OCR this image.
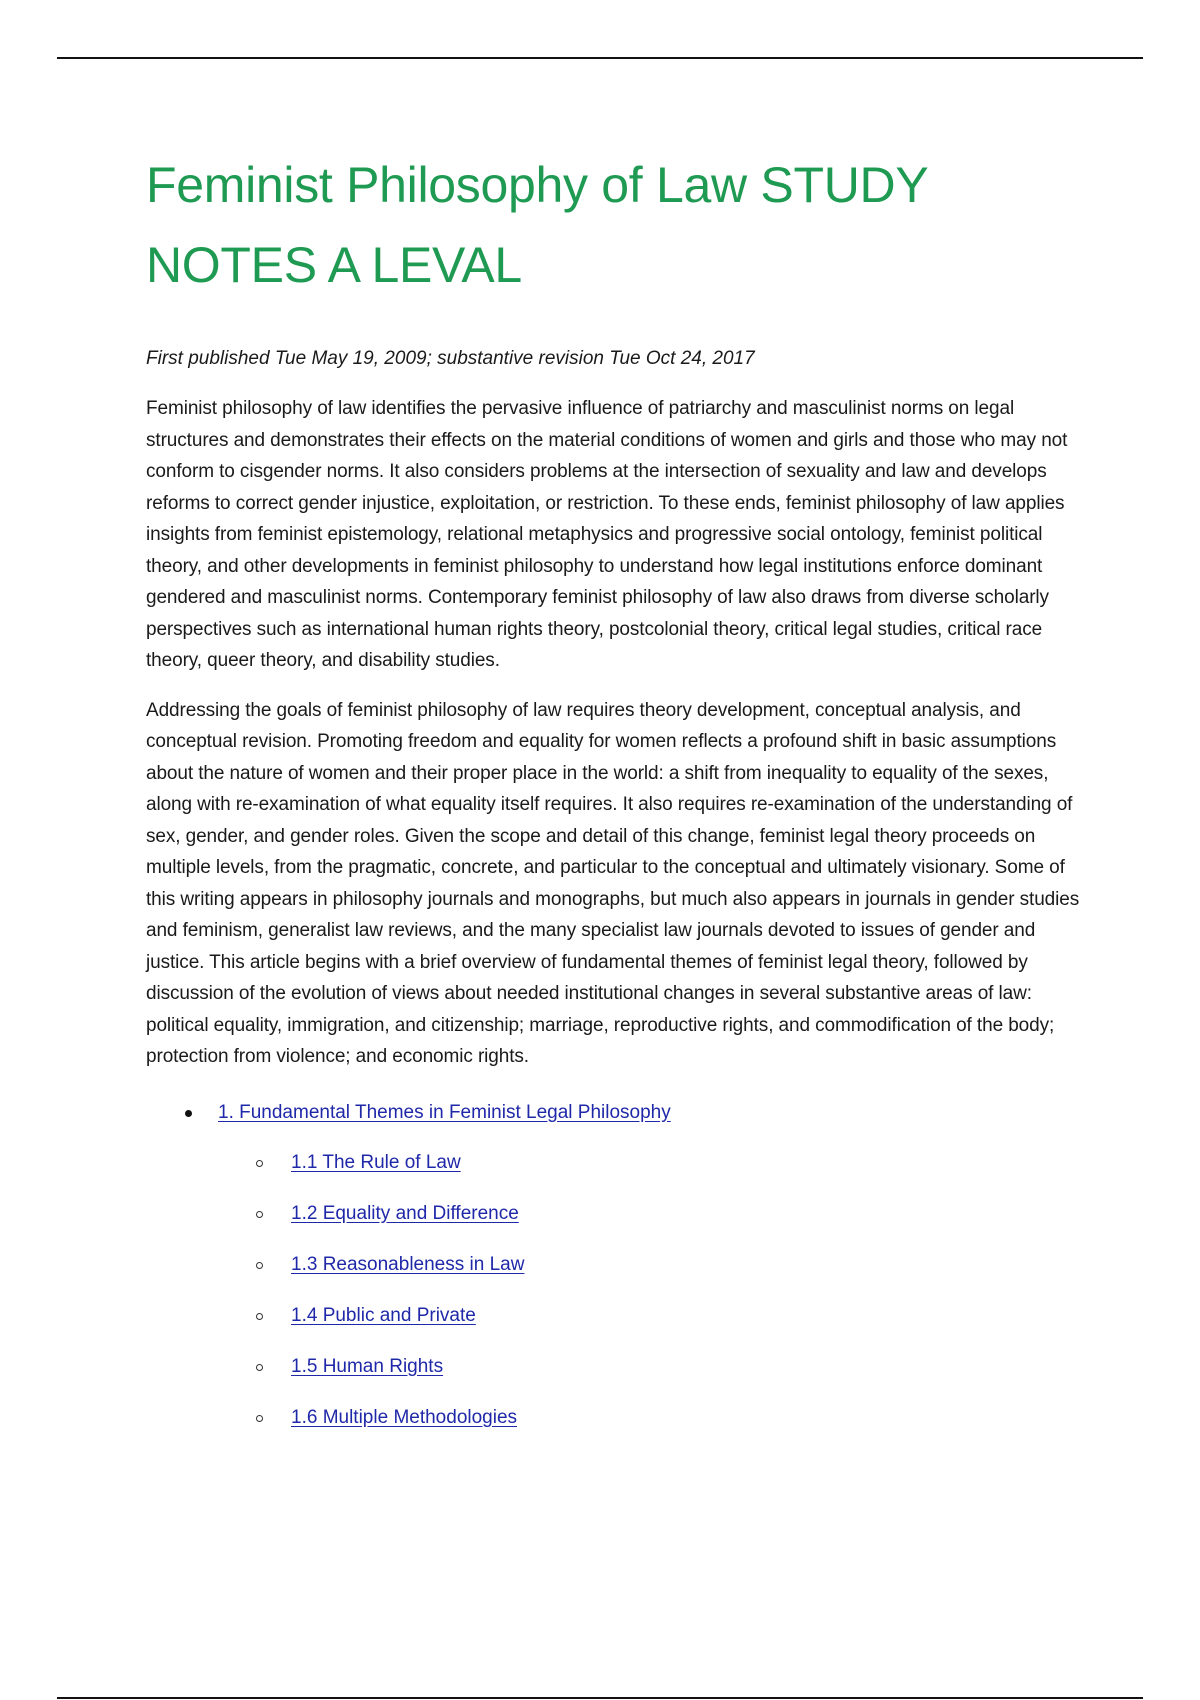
Feminist Philosophy of Law STUDY NOTES A LEVAL

First published Tue May 19, 2009; substantive revision Tue Oct 24, 2017

Feminist philosophy of law identifies the pervasive influence of patriarchy and masculinist norms on legal structures and demonstrates their effects on the material conditions of women and girls and those who may not conform to cisgender norms. It also considers problems at the intersection of sexuality and law and develops reforms to correct gender injustice, exploitation, or restriction. To these ends, feminist philosophy of law applies insights from feminist epistemology, relational metaphysics and progressive social ontology, feminist political theory, and other developments in feminist philosophy to understand how legal institutions enforce dominant gendered and masculinist norms. Contemporary feminist philosophy of law also draws from diverse scholarly perspectives such as international human rights theory, postcolonial theory, critical legal studies, critical race theory, queer theory, and disability studies.

Addressing the goals of feminist philosophy of law requires theory development, conceptual analysis, and conceptual revision. Promoting freedom and equality for women reflects a profound shift in basic assumptions about the nature of women and their proper place in the world: a shift from inequality to equality of the sexes, along with re-examination of what equality itself requires. It also requires re-examination of the understanding of sex, gender, and gender roles. Given the scope and detail of this change, feminist legal theory proceeds on multiple levels, from the pragmatic, concrete, and particular to the conceptual and ultimately visionary. Some of this writing appears in philosophy journals and monographs, but much also appears in journals in gender studies and feminism, generalist law reviews, and the many specialist law journals devoted to issues of gender and justice. This article begins with a brief overview of fundamental themes of feminist legal theory, followed by discussion of the evolution of views about needed institutional changes in several substantive areas of law: political equality, immigration, and citizenship; marriage, reproductive rights, and commodification of the body; protection from violence; and economic rights.

1. Fundamental Themes in Feminist Legal Philosophy
1.1 The Rule of Law
1.2 Equality and Difference
1.3 Reasonableness in Law
1.4 Public and Private
1.5 Human Rights
1.6 Multiple Methodologies
